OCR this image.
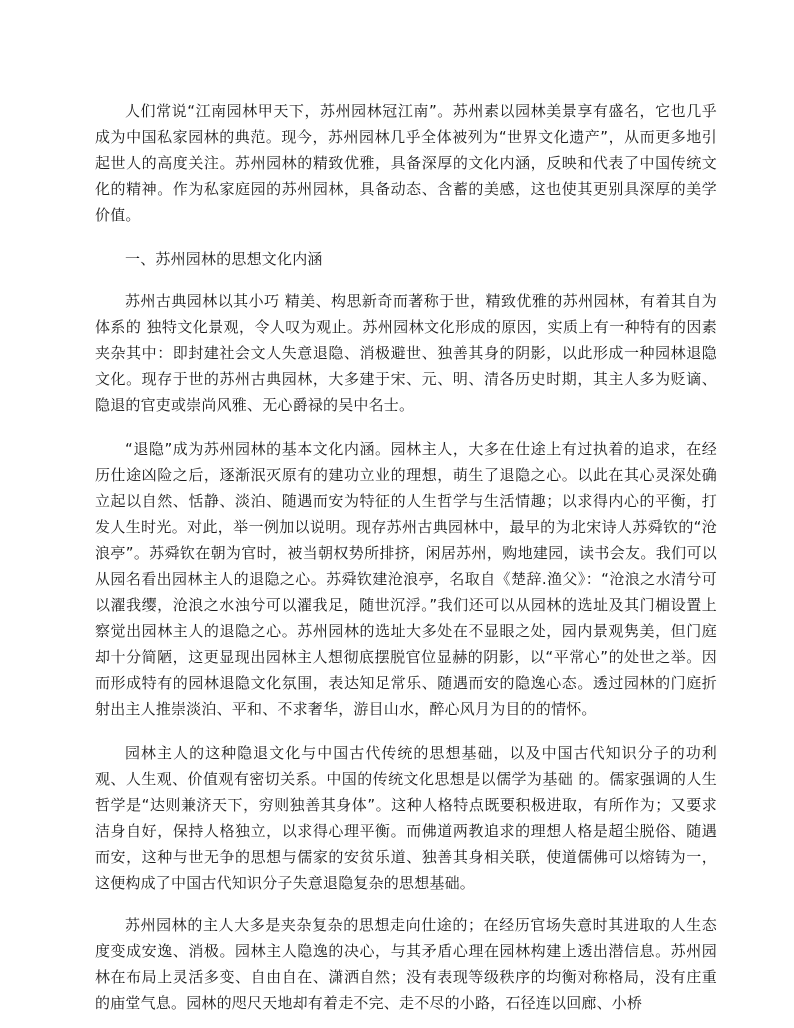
人们常说“江南园林甲天下，苏州园林冠江南”。苏州素以园林美景享有盛名，它也几乎成为中国私家园林的典范。现今，苏州园林几乎全体被列为“世界文化遗产”，从而更多地引起世人的高度关注。苏州园林的精致优雅，具备深厚的文化内涵，反映和代表了中国传统文化的精神。作为私家庭园的苏州园林，具备动态、含蓄的美感，这也使其更别具深厚的美学价值。

一、苏州园林的思想文化内涵

苏州古典园林以其小巧 精美、构思新奇而著称于世，精致优雅的苏州园林，有着其自为体系的 独特文化景观，令人叹为观止。苏州园林文化形成的原因，实质上有一种特有的因素夹杂其中：即封建社会文人失意退隐、消极避世、独善其身的阴影，以此形成一种园林退隐文化。现存于世的苏州古典园林，大多建于宋、元、明、清各历史时期，其主人多为贬谪、隐退的官吏或崇尚风雅、无心爵禄的吴中名士。

“退隐”成为苏州园林的基本文化内涵。园林主人，大多在仕途上有过执着的追求，在经历仕途凶险之后，逐渐泯灭原有的建功立业的理想，萌生了退隐之心。以此在其心灵深处确立起以自然、恬静、淡泊、随遇而安为特征的人生哲学与生活情趣；以求得内心的平衡，打发人生时光。对此，举一例加以说明。现存苏州古典园林中，最早的为北宋诗人苏舜钦的“沧浪亭”。苏舜钦在朝为官时，被当朝权势所排挤，闲居苏州，购地建园，读书会友。我们可以从园名看出园林主人的退隐之心。苏舜钦建沧浪亭，名取自《楚辞.渔父》：“沧浪之水清兮可以濯我缨，沧浪之水浊兮可以濯我足，随世沉浮。”我们还可以从园林的选址及其门楣设置上察觉出园林主人的退隐之心。苏州园林的选址大多处在不显眼之处，园内景观隽美，但门庭却十分简陋，这更显现出园林主人想彻底摆脱官位显赫的阴影，以“平常心”的处世之举。因而形成特有的园林退隐文化氛围，表达知足常乐、随遇而安的隐逸心态。透过园林的门庭折射出主人推崇淡泊、平和、不求奢华，游目山水，醉心风月为目的的情怀。

园林主人的这种隐退文化与中国古代传统的思想基础，以及中国古代知识分子的功利观、人生观、价值观有密切关系。中国的传统文化思想是以儒学为基础 的。儒家强调的人生哲学是“达则兼济天下，穷则独善其身体”。这种人格特点既要积极进取，有所作为；又要求洁身自好，保持人格独立，以求得心理平衡。而佛道两教追求的理想人格是超尘脱俗、随遇而安，这种与世无争的思想与儒家的安贫乐道、独善其身相关联，使道儒佛可以熔铸为一，这便构成了中国古代知识分子失意退隐复杂的思想基础。

苏州园林的主人大多是夹杂复杂的思想走向仕途的；在经历官场失意时其进取的人生态度变成安逸、消极。园林主人隐逸的决心，与其矛盾心理在园林构建上透出潜信息。苏州园林在布局上灵活多变、自由自在、潇洒自然；没有表现等级秩序的均衡对称格局，没有庄重的庙堂气息。园林的咫尺天地却有着走不完、走不尽的小路，石径连以回廊、小桥
